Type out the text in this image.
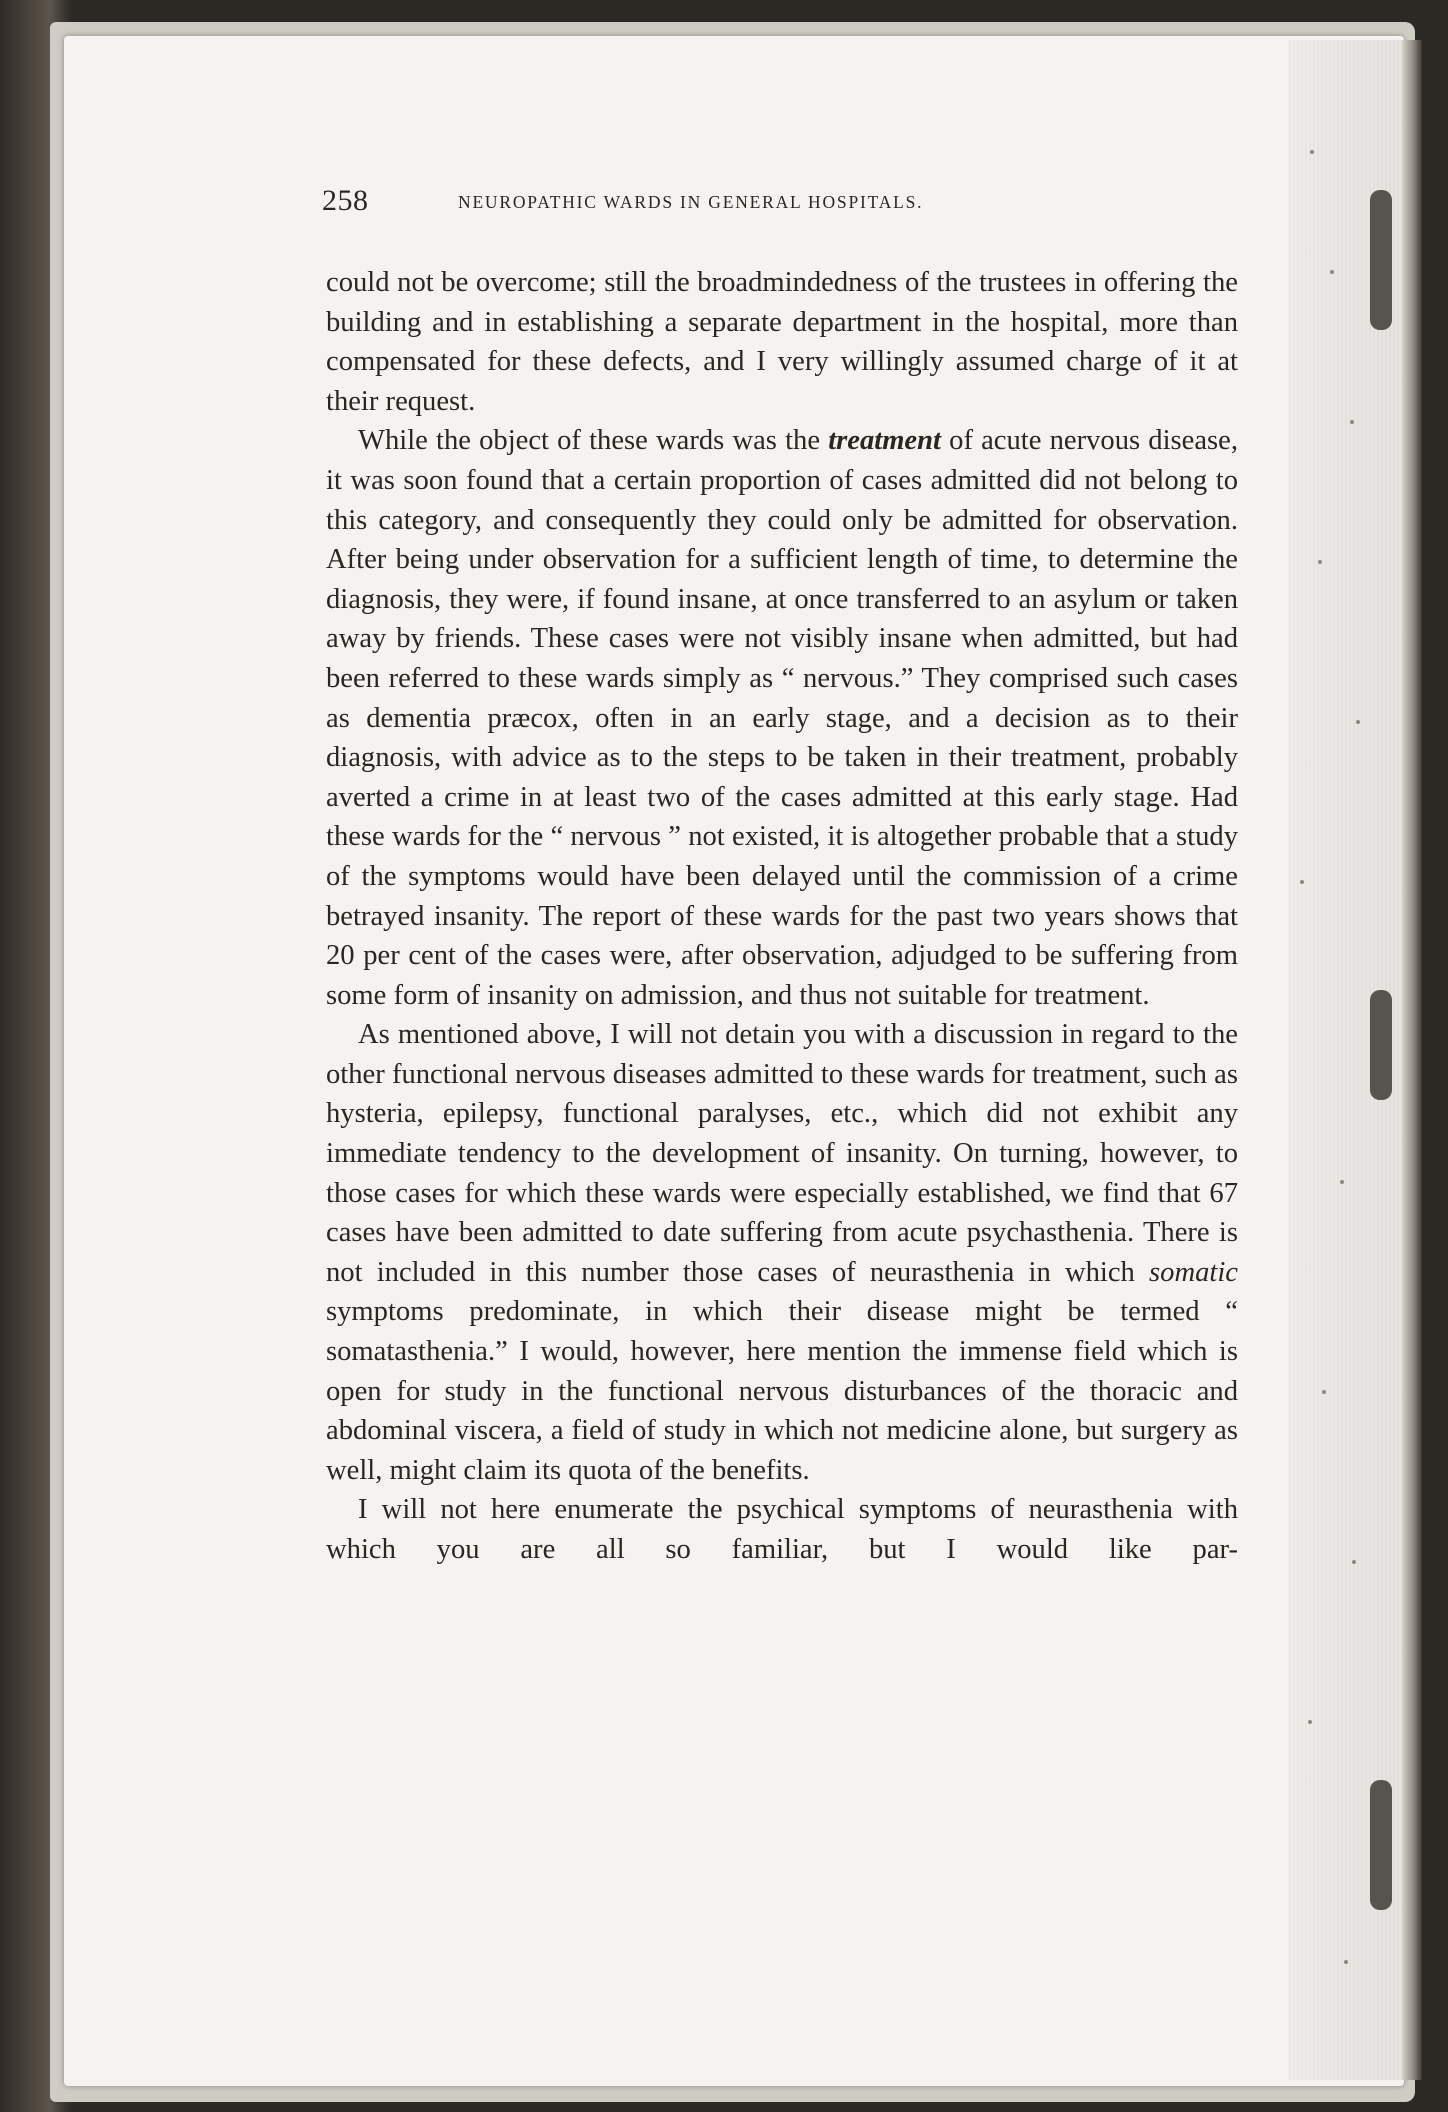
258	NEUROPATHIC WARDS IN GENERAL HOSPITALS.

could not be overcome; still the broadmindedness of the trustees in offering the building and in establishing a separate department in the hospital, more than compensated for these defects, and I very willingly assumed charge of it at their request.

While the object of these wards was the treatment of acute nervous disease, it was soon found that a certain proportion of cases admitted did not belong to this category, and consequently they could only be admitted for observation. After being under observation for a sufficient length of time, to determine the diagnosis, they were, if found insane, at once transferred to an asylum or taken away by friends. These cases were not visibly insane when admitted, but had been referred to these wards simply as “ nervous.” They comprised such cases as dementia præcox, often in an early stage, and a decision as to their diagnosis, with advice as to the steps to be taken in their treatment, probably averted a crime in at least two of the cases admitted at this early stage. Had these wards for the “ nervous ” not existed, it is altogether probable that a study of the symptoms would have been delayed until the commission of a crime betrayed insanity. The report of these wards for the past two years shows that 20 per cent of the cases were, after observation, adjudged to be suffering from some form of insanity on admission, and thus not suitable for treatment.

As mentioned above, I will not detain you with a discussion in regard to the other functional nervous diseases admitted to these wards for treatment, such as hysteria, epilepsy, functional paralyses, etc., which did not exhibit any immediate tendency to the development of insanity. On turning, however, to those cases for which these wards were especially established, we find that 67 cases have been admitted to date suffering from acute psychasthenia. There is not included in this number those cases of neurasthenia in which somatic symptoms predominate, in which their disease might be termed “ somatasthenia.” I would, however, here mention the immense field which is open for study in the functional nervous disturbances of the thoracic and abdominal viscera, a field of study in which not medicine alone, but surgery as well, might claim its quota of the benefits.

I will not here enumerate the psychical symptoms of neurasthenia with which you are all so familiar, but I would like par-
